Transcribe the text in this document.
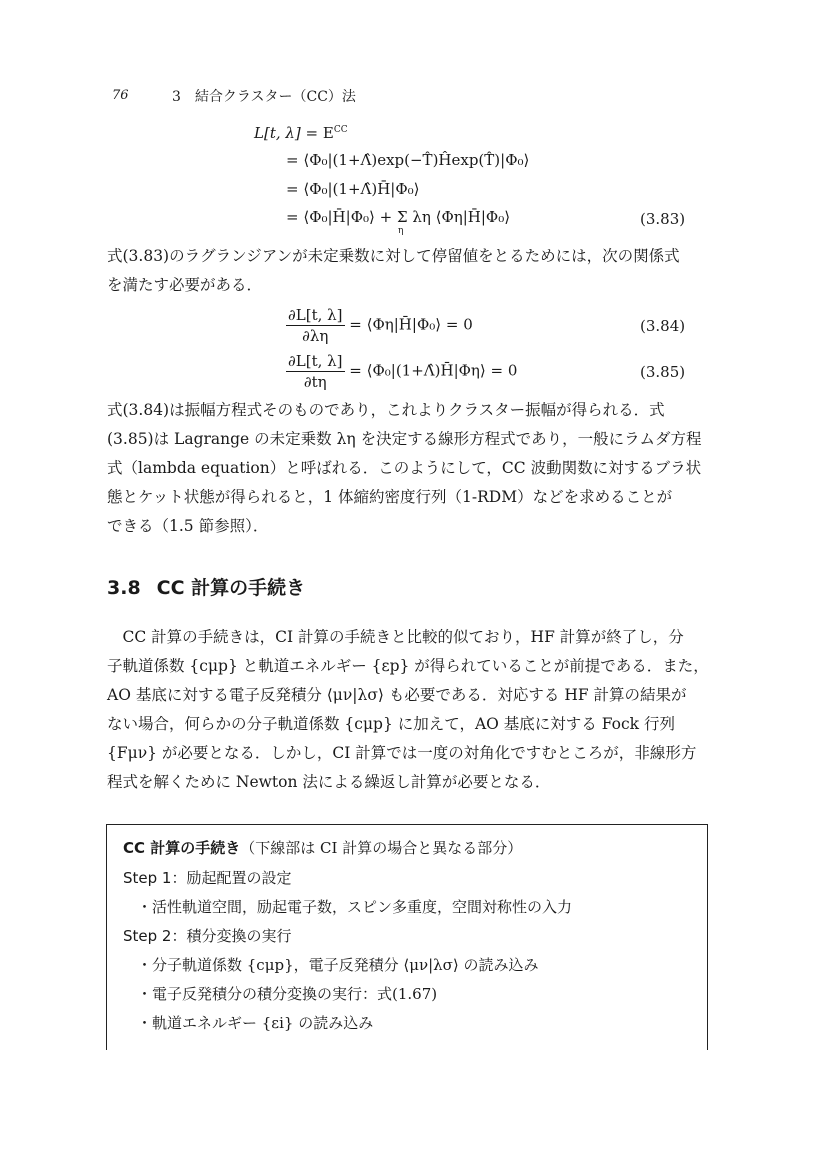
76	3　結合クラスター（CC）法
L[t, $\lambda] = E^{CC}$
= ⟨Φ₀|(1+Λ̂)exp(−T̂)Ĥexp(T̂)|Φ₀⟩
= ⟨Φ₀|(1+Λ̂)H̄|Φ₀⟩
= ⟨Φ₀|H̄|Φ₀⟩ + Σ λη ⟨Φη|H̄|Φ₀⟩
η
(3.83)
式(3.83)のラグランジアンが未定乗数に対して停留値をとるためには，次の関係式
を満たす必要がある．
$\frac{\partial L[t, \lambda]}{\partial\lambda\eta}$ = ⟨Φη|H̄|Φ₀⟩ = 0	(3.84)
$\frac{\partial L[t, \lambda]}{\partial t\eta}$ = ⟨Φ₀|(1+Λ̂)H̄|Φη⟩ = 0	(3.85)
式(3.84)は振幅方程式そのものであり，これよりクラスター振幅が得られる．式
(3.85)は Lagrange の未定乗数 λη を決定する線形方程式であり，一般にラムダ方程
式（lambda equation）と呼ばれる．このようにして，CC 波動関数に対するブラ状
態とケット状態が得られると，1 体縮約密度行列（1-RDM）などを求めることが
できる（1.5 節参照）．
3.8 CC 計算の手続き
CC 計算の手続きは，CI 計算の手続きと比較的似ており，HF 計算が終了し，分
子軌道係数 {cμp} と軌道エネルギー {εp} が得られていることが前提である．また，
AO 基底に対する電子反発積分 ⟨μν|λσ⟩ も必要である．対応する HF 計算の結果が
ない場合，何らかの分子軌道係数 {cμp} に加えて，AO 基底に対する Fock 行列
{Fμν} が必要となる．しかし，CI 計算では一度の対角化ですむところが，非線形方
程式を解くために Newton 法による繰返し計算が必要となる．
CC 計算の手続き（下線部は CI 計算の場合と異なる部分）
Step 1：励起配置の設定
・活性軌道空間，励起電子数，スピン多重度，空間対称性の入力
Step 2：積分変換の実行
・分子軌道係数 {cμp}，電子反発積分 ⟨μν|λσ⟩ の読み込み
・電子反発積分の積分変換の実行：式(1.67)
・軌道エネルギー {εi} の読み込み
